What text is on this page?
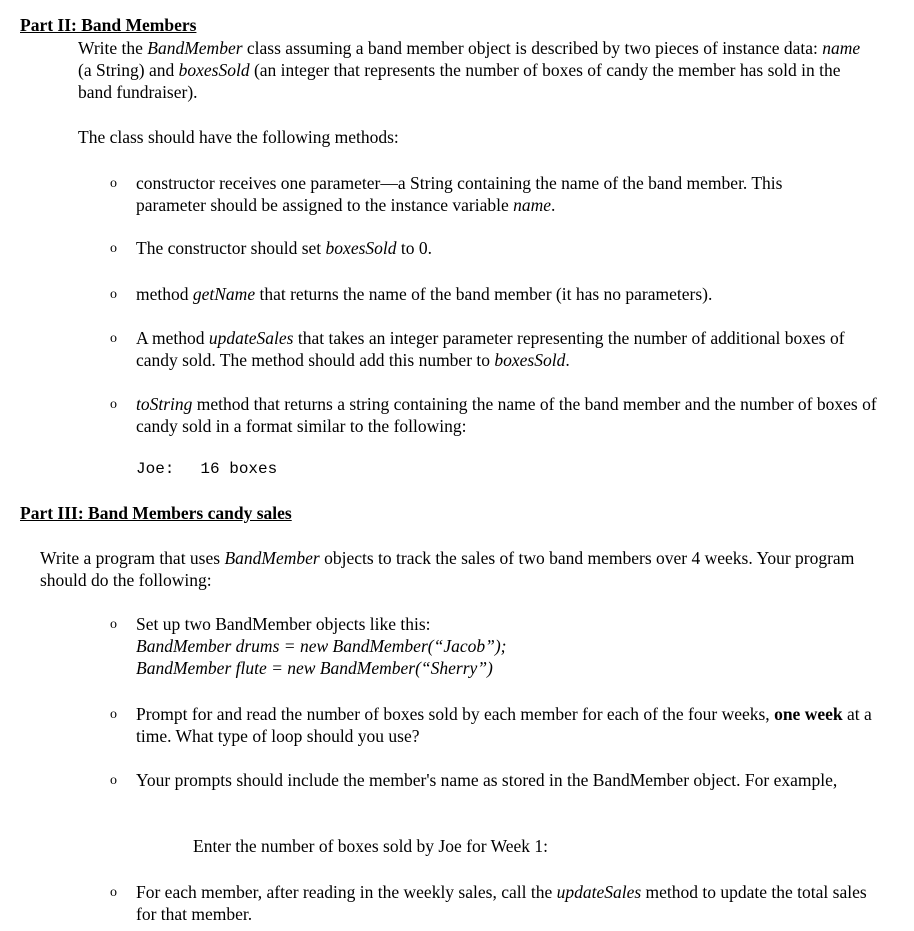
Part II: Band Members

Write the BandMember class assuming a band member object is described by two pieces of instance data: name (a String) and boxesSold (an integer that represents the number of boxes of candy the member has sold in the band fundraiser).

The class should have the following methods:

o constructor receives one parameter—a String containing the name of the band member. This parameter should be assigned to the instance variable name.

o The constructor should set boxesSold to 0.

o method getName that returns the name of the band member (it has no parameters).

o A method updateSales that takes an integer parameter representing the number of additional boxes of candy sold. The method should add this number to boxesSold.

o toString method that returns a string containing the name of the band member and the number of boxes of candy sold in a format similar to the following:

Joe: 16 boxes
Part III: Band Members candy sales

Write a program that uses BandMember objects to track the sales of two band members over 4 weeks. Your program should do the following:

o Set up two BandMember objects like this:
BandMember drums = new BandMember(“Jacob”);
BandMember flute = new BandMember(“Sherry”)

o Prompt for and read the number of boxes sold by each member for each of the four weeks, one week at a time. What type of loop should you use?

o Your prompts should include the member's name as stored in the BandMember object. For example,

Enter the number of boxes sold by Joe for Week 1:

o For each member, after reading in the weekly sales, call the updateSales method to update the total sales for that member.
